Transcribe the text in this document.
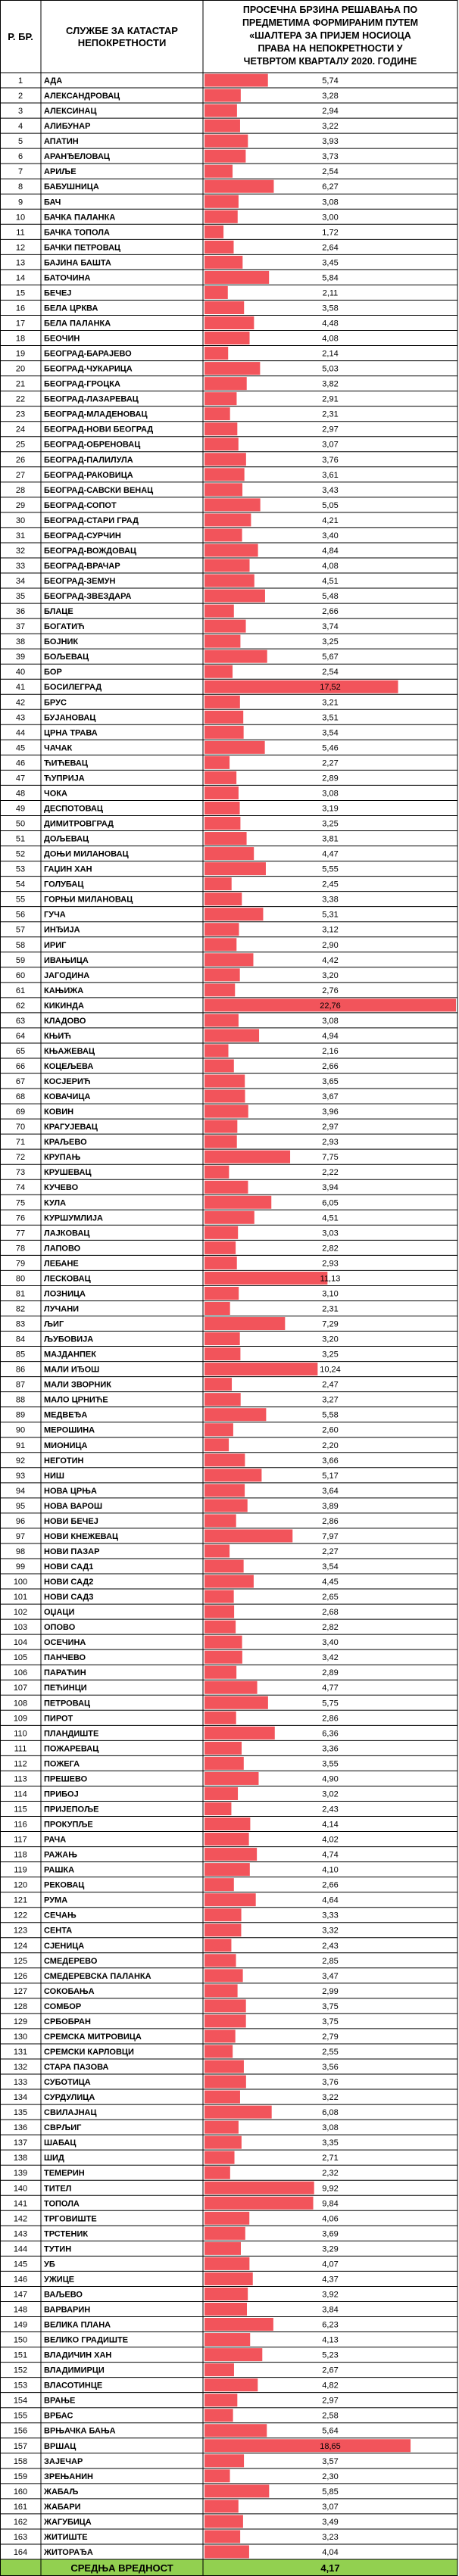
Р. БР.
СЛУЖБЕ ЗА КАТАСТАР НЕПОКРЕТНОСТИ
ПРОСЕЧНА БРЗИНА РЕШАВАЊА ПО ПРЕДМЕТИМА ФОРМИРАНИМ ПУТЕМ «ШАЛТЕРА ЗА ПРИЈЕМ НОСИОЦА ПРАВА НА НЕПОКРЕТНОСТИ У ЧЕТВРТОМ КВАРТАЛУ 2020. ГОДИНЕ
1	АДА	5,74
2	АЛЕКСАНДРОВАЦ	3,28
3	АЛЕКСИНАЦ	2,94
4	АЛИБУНАР	3,22
5	АПАТИН	3,93
6	АРАНЂЕЛОВАЦ	3,73
7	АРИЉЕ	2,54
8	БАБУШНИЦА	6,27
9	БАЧ	3,08
10 БАЧКА ПАЛАНКА	3,00
11 БАЧКА ТОПОЛА	1,72
12 БАЧКИ ПЕТРОВАЦ	2,64
13 БАЈИНА БАШТА	3,45
14 БАТОЧИНА	5,84
15 БЕЧЕЈ	2,11
16 БЕЛА ЦРКВА	3,58
17 БЕЛА ПАЛАНКА	4,48
18 БЕОЧИН	4,08
19 БЕОГРАД-БАРАЈЕВО	2,14
20 БЕОГРАД-ЧУКАРИЦА	5,03
21 БЕОГРАД-ГРОЦКА	3,82
22 БЕОГРАД-ЛАЗАРЕВАЦ	2,91
23 БЕОГРАД-МЛАДЕНОВАЦ	2,31
24 БЕОГРАД-НОВИ БЕОГРАД	2,97
25 БЕОГРАД-ОБРЕНОВАЦ	3,07
26 БЕОГРАД-ПАЛИЛУЛА	3,76
27 БЕОГРАД-РАКОВИЦА	3,61
28 БЕОГРАД-САВСКИ ВЕНАЦ	3,43
29 БЕОГРАД-СОПОТ	5,05
30 БЕОГРАД-СТАРИ ГРАД	4,21
31 БЕОГРАД-СУРЧИН	3,40
32 БЕОГРАД-ВОЖДОВАЦ	4,84
33 БЕОГРАД-ВРАЧАР	4,08
34 БЕОГРАД-ЗЕМУН	4,51
35 БЕОГРАД-ЗВЕЗДАРА	5,48
36 БЛАЦЕ	2,66
37 БОГАТИЋ	3,74
38 БОЈНИК	3,25
39 БОЉЕВАЦ	5,67
40 БОР	2,54
41 БОСИЛЕГРАД	17,52
42 БРУС	3,21
43 БУЈАНОВАЦ	3,51
44 ЦРНА ТРАВА	3,54
45 ЧАЧАК	5,46
46 ЋИЋЕВАЦ	2,27
47 ЋУПРИЈА	2,89
48 ЧОКА	3,08
49 ДЕСПОТОВАЦ	3,19
50 ДИМИТРОВГРАД	3,25
51 ДОЉЕВАЦ	3,81
52 ДОЊИ МИЛАНОВАЦ	4,47
53 ГАЏИН ХАН	5,55
54 ГОЛУБАЦ	2,45
55 ГОРЊИ МИЛАНОВАЦ	3,38
56 ГУЧА	5,31
57 ИНЂИЈА	3,12
58 ИРИГ	2,90
59 ИВАЊИЦА	4,42
60 ЈАГОДИНА	3,20
61 КАЊИЖА	2,76
62 КИКИНДА	22,76
63 КЛАДОВО	3,08
64 КЊИЋ	4,94
65 КЊАЖЕВАЦ	2,16
66 КОЦЕЉЕВА	2,66
67 КОСЈЕРИЋ	3,65
68 КОВАЧИЦА	3,67
69 КОВИН	3,96
70 КРАГУЈЕВАЦ	2,97
71 КРАЉЕВО	2,93
72 КРУПАЊ	7,75
73 КРУШЕВАЦ	2,22
74 КУЧЕВО	3,94
75 КУЛА	6,05
76 КУРШУМЛИЈА	4,51
77 ЛАЈКОВАЦ	3,03
78 ЛАПОВО	2,82
79 ЛЕБАНЕ	2,93
80 ЛЕСКОВАЦ	11,13
81 ЛОЗНИЦА	3,10
82 ЛУЧАНИ	2,31
83 ЉИГ	7,29
84 ЉУБОВИЈА	3,20
85 МАЈДАНПЕК	3,25
86 МАЛИ ИЂОШ	10,24
87 МАЛИ ЗВОРНИК	2,47
88 МАЛО ЦРНИЋЕ	3,27
89 МЕДВЕЂА	5,58
90 МЕРОШИНА	2,60
91 МИОНИЦА	2,20
92 НЕГОТИН	3,66
93 НИШ	5,17
94 НОВА ЦРЊА	3,64
95 НОВА ВАРОШ	3,89
96 НОВИ БЕЧЕЈ	2,86
97 НОВИ КНЕЖЕВАЦ	7,97
98 НОВИ ПАЗАР	2,27
99 НОВИ САД1	3,54
100 НОВИ САД2	4,45
101 НОВИ САД3	2,65
102 ОЏАЦИ	2,68
103 ОПОВО	2,82
104 ОСЕЧИНА	3,40
105 ПАНЧЕВО	3,42
106 ПАРАЋИН	2,89
107 ПЕЋИНЦИ	4,77
108 ПЕТРОВАЦ	5,75
109 ПИРОТ	2,86
110 ПЛАНДИШТЕ	6,36
111 ПОЖАРЕВАЦ	3,36
112 ПОЖЕГА	3,55
113 ПРЕШЕВО	4,90
114 ПРИБОЈ	3,02
115 ПРИЈЕПОЉЕ	2,43
116 ПРОКУПЉЕ	4,14
117 РАЧА	4,02
118 РАЖАЊ	4,74
119 РАШКА	4,10
120 РЕКОВАЦ	2,66
121 РУМА	4,64
122 СЕЧАЊ	3,33
123 СЕНТА	3,32
124 СЈЕНИЦА	2,43
125 СМЕДЕРЕВО	2,85
126 СМЕДЕРЕВСКА ПАЛАНКА	3,47
127 СОКОБАЊА	2,99
128 СОМБОР	3,75
129 СРБОБРАН	3,75
130 СРЕМСКА МИТРОВИЦА	2,79
131 СРЕМСКИ КАРЛОВЦИ	2,55
132 СТАРА ПАЗОВА	3,56
133 СУБОТИЦА	3,76
134 СУРДУЛИЦА	3,22
135 СВИЛАЈНАЦ	6,08
136 СВРЉИГ	3,08
137 ШАБАЦ	3,35
138 ШИД	2,71
139 ТЕМЕРИН	2,32
140 ТИТЕЛ	9,92
141 ТОПОЛА	9,84
142 ТРГОВИШТЕ	4,06
143 ТРСТЕНИК	3,69
144 ТУТИН	3,29
145 УБ	4,07
146 УЖИЦЕ	4,37
147 ВАЉЕВО	3,92
148 ВАРВАРИН	3,84
149 ВЕЛИКА ПЛАНА	6,23
150 ВЕЛИКО ГРАДИШТЕ	4,13
151 ВЛАДИЧИН ХАН	5,23
152 ВЛАДИМИРЦИ	2,67
153 ВЛАСОТИНЦЕ	4,82
154 ВРАЊЕ	2,97
155 ВРБАС	2,58
156 ВРЊАЧКА БАЊА	5,64
157 ВРШАЦ	18,65
158 ЗАЈЕЧАР	3,57
159 ЗРЕЊАНИН	2,30
160 ЖАБАЉ	5,85
161 ЖАБАРИ	3,07
162 ЖАГУБИЦА	3,49
163 ЖИТИШТЕ	3,23
164 ЖИТОРАЂА	4,04
СРЕДЊА ВРЕДНОСТ	4,17
